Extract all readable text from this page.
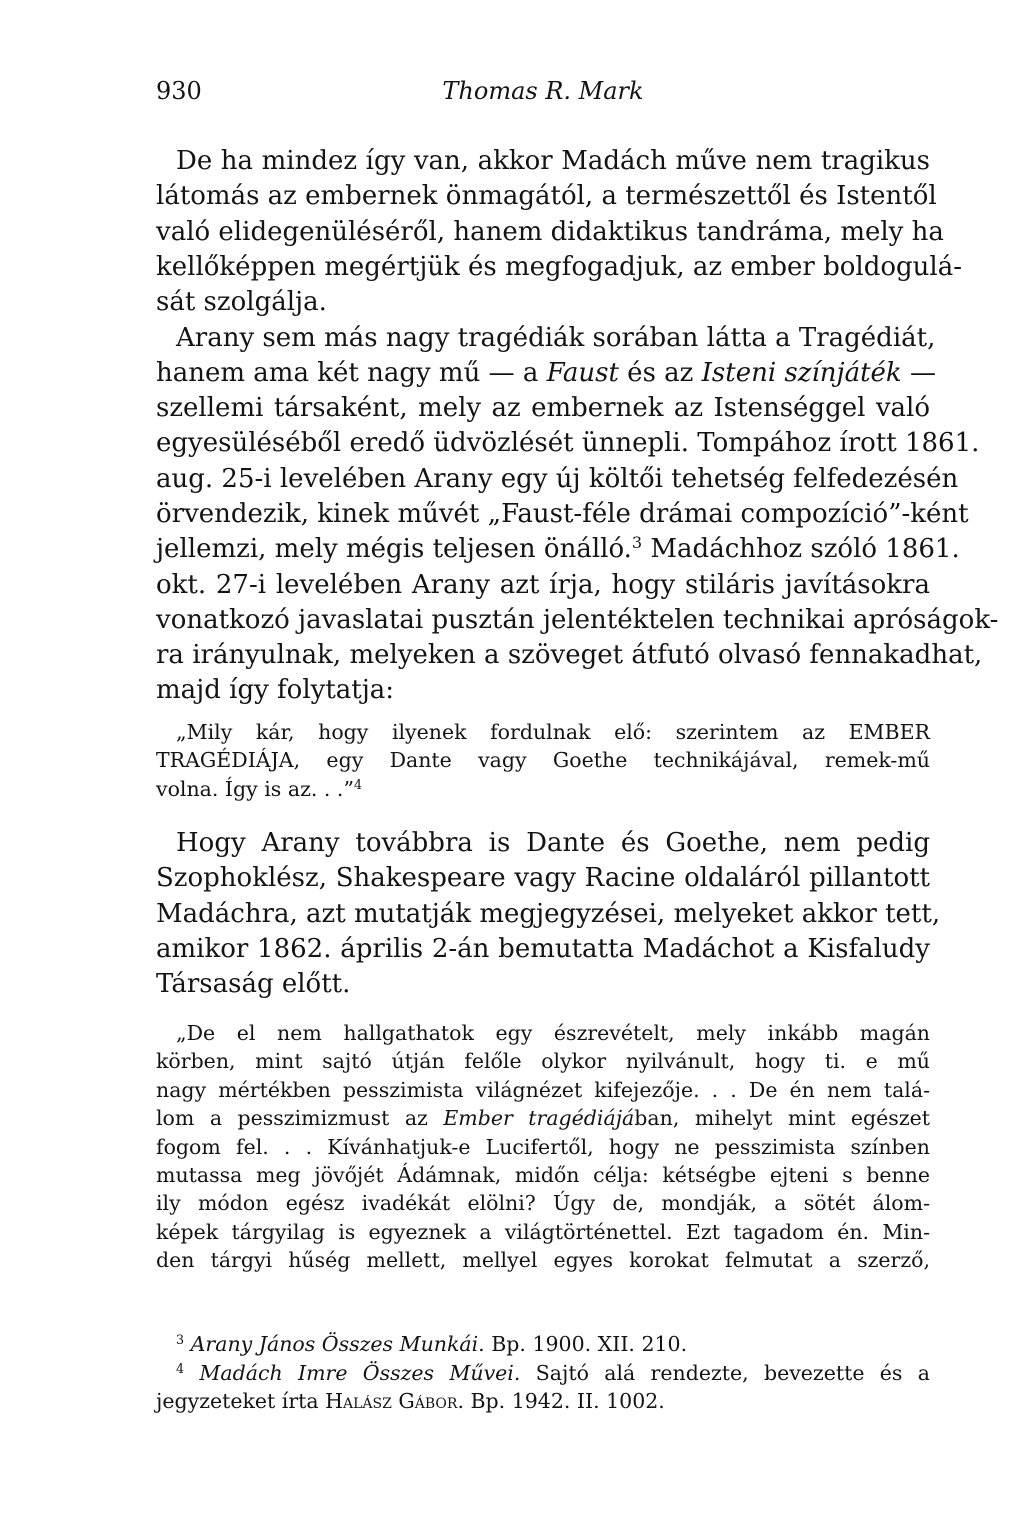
930	Thomas R. Mark

De ha mindez így van, akkor Madách műve nem tragikus
látomás az embernek önmagától, a természettől és Istentől
való elidegenüléséről, hanem didaktikus tandráma, mely ha
kellőképpen megértjük és megfogadjuk, az ember boldogulá-
sát szolgálja.

Arany sem más nagy tragédiák sorában látta a Tragédiát,
hanem ama két nagy mű — a Faust és az Isteni színjáték —
szellemi társaként, mely az embernek az Istenséggel való
egyesüléséből eredő üdvözlését ünnepli. Tompához írott 1861.
aug. 25-i levelében Arany egy új költői tehetség felfedezésén
örvendezik, kinek művét „Faust-féle drámai compozíció”-ként
jellemzi, mely mégis teljesen önálló.$^3$ Madáchhoz szóló 1861.
okt. 27-i levelében Arany azt írja, hogy stiláris javításokra
vonatkozó javaslatai pusztán jelentéktelen technikai apróságok-
ra irányulnak, melyeken a szöveget átfutó olvasó fennakadhat,
majd így folytatja:

„Mily kár, hogy ilyenek fordulnak elő: szerintem az EMBER
TRAGÉDIÁJA, egy Dante vagy Goethe technikájával, remek-mű
volna. Így is az. . .”$^4$

Hogy Arany továbbra is Dante és Goethe, nem pedig
Szophoklész, Shakespeare vagy Racine oldaláról pillantott
Madáchra, azt mutatják megjegyzései, melyeket akkor tett,
amikor 1862. április 2-án bemutatta Madáchot a Kisfaludy
Társaság előtt.

„De el nem hallgathatok egy észrevételt, mely inkább magán
körben, mint sajtó útján felőle olykor nyilvánult, hogy ti. e mű
nagy mértékben pesszimista világnézet kifejezője. . . De én nem talá-
lom a pesszimizmust az Ember tragédiájában, mihelyt mint egészet
fogom fel. . . Kívánhatjuk-e Lucifertől, hogy ne pesszimista színben
mutassa meg jövőjét Ádámnak, midőn célja: kétségbe ejteni s benne
ily módon egész ivadékát elölni? Úgy de, mondják, a sötét álom-
képek tárgyilag is egyeznek a világtörténettel. Ezt tagadom én. Min-
den tárgyi hűség mellett, mellyel egyes korokat felmutat a szerző,

$^3$ Arany János Összes Munkái. Bp. 1900. XII. 210.
$^4$ Madách Imre Összes Művei. Sajtó alá rendezte, bevezette és a
jegyzeteket írta Halász Gábor. Bp. 1942. II. 1002.
